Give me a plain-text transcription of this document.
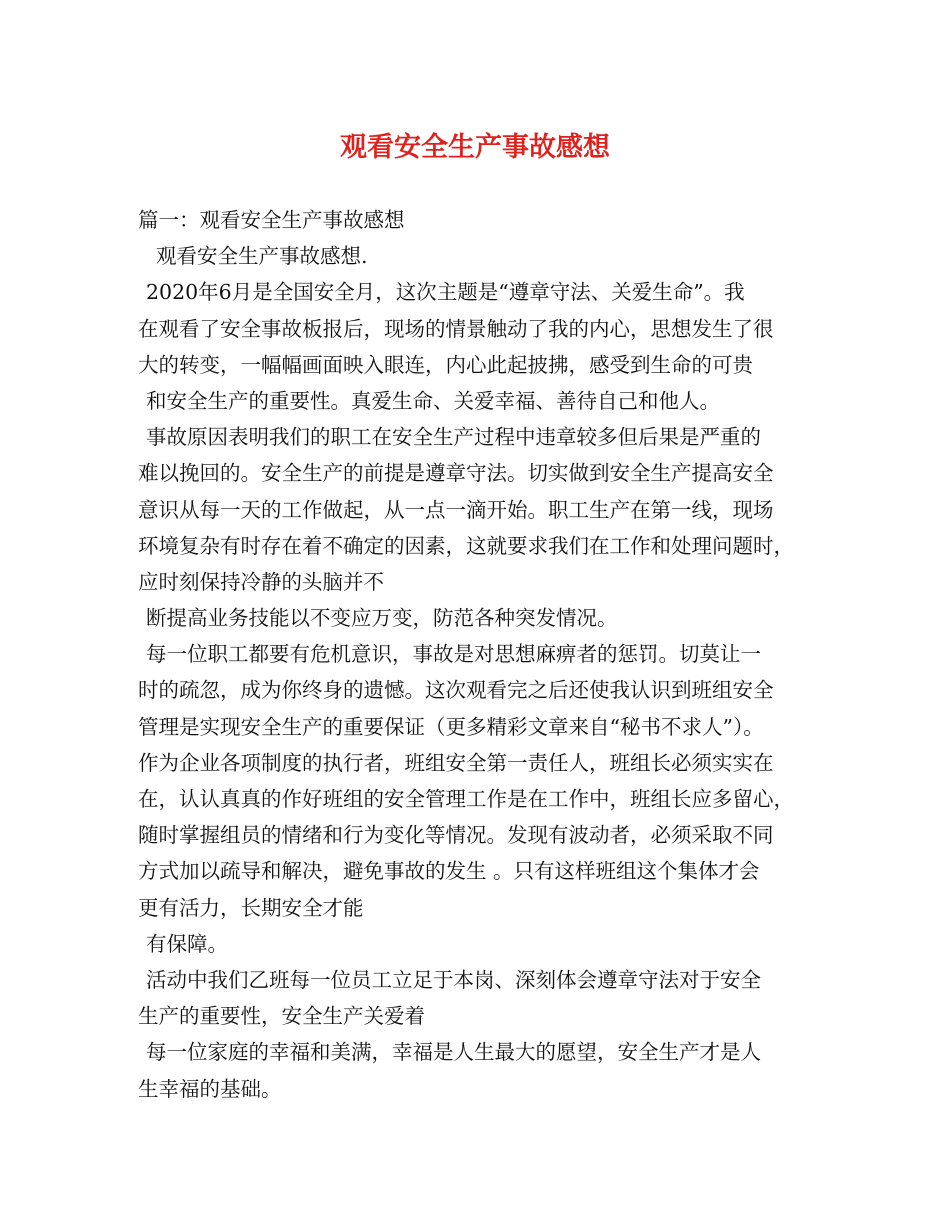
观看安全生产事故感想
篇一：观看安全生产事故感想
观看安全生产事故感想.
2020年6月是全国安全月，这次主题是“遵章守法、关爱生命”。我
在观看了安全事故板报后，现场的情景触动了我的内心，思想发生了很
大的转变，一幅幅画面映入眼连，内心此起披拂，感受到生命的可贵
和安全生产的重要性。真爱生命、关爱幸福、善待自己和他人。
事故原因表明我们的职工在安全生产过程中违章较多但后果是严重的
难以挽回的。安全生产的前提是遵章守法。切实做到安全生产提高安全
意识从每一天的工作做起，从一点一滴开始。职工生产在第一线，现场
环境复杂有时存在着不确定的因素，这就要求我们在工作和处理问题时，
应时刻保持冷静的头脑并不
断提高业务技能以不变应万变，防范各种突发情况。
每一位职工都要有危机意识，事故是对思想麻痹者的惩罚。切莫让一
时的疏忽，成为你终身的遗憾。这次观看完之后还使我认识到班组安全
管理是实现安全生产的重要保证（更多精彩文章来自“秘书不求人”）。
作为企业各项制度的执行者，班组安全第一责任人，班组长必须实实在
在，认认真真的作好班组的安全管理工作是在工作中，班组长应多留心，
随时掌握组员的情绪和行为变化等情况。发现有波动者，必须采取不同
方式加以疏导和解决，避免事故的发生 。只有这样班组这个集体才会
更有活力，长期安全才能
有保障。
活动中我们乙班每一位员工立足于本岗、深刻体会遵章守法对于安全
生产的重要性，安全生产关爱着
每一位家庭的幸福和美满，幸福是人生最大的愿望，安全生产才是人
生幸福的基础。
